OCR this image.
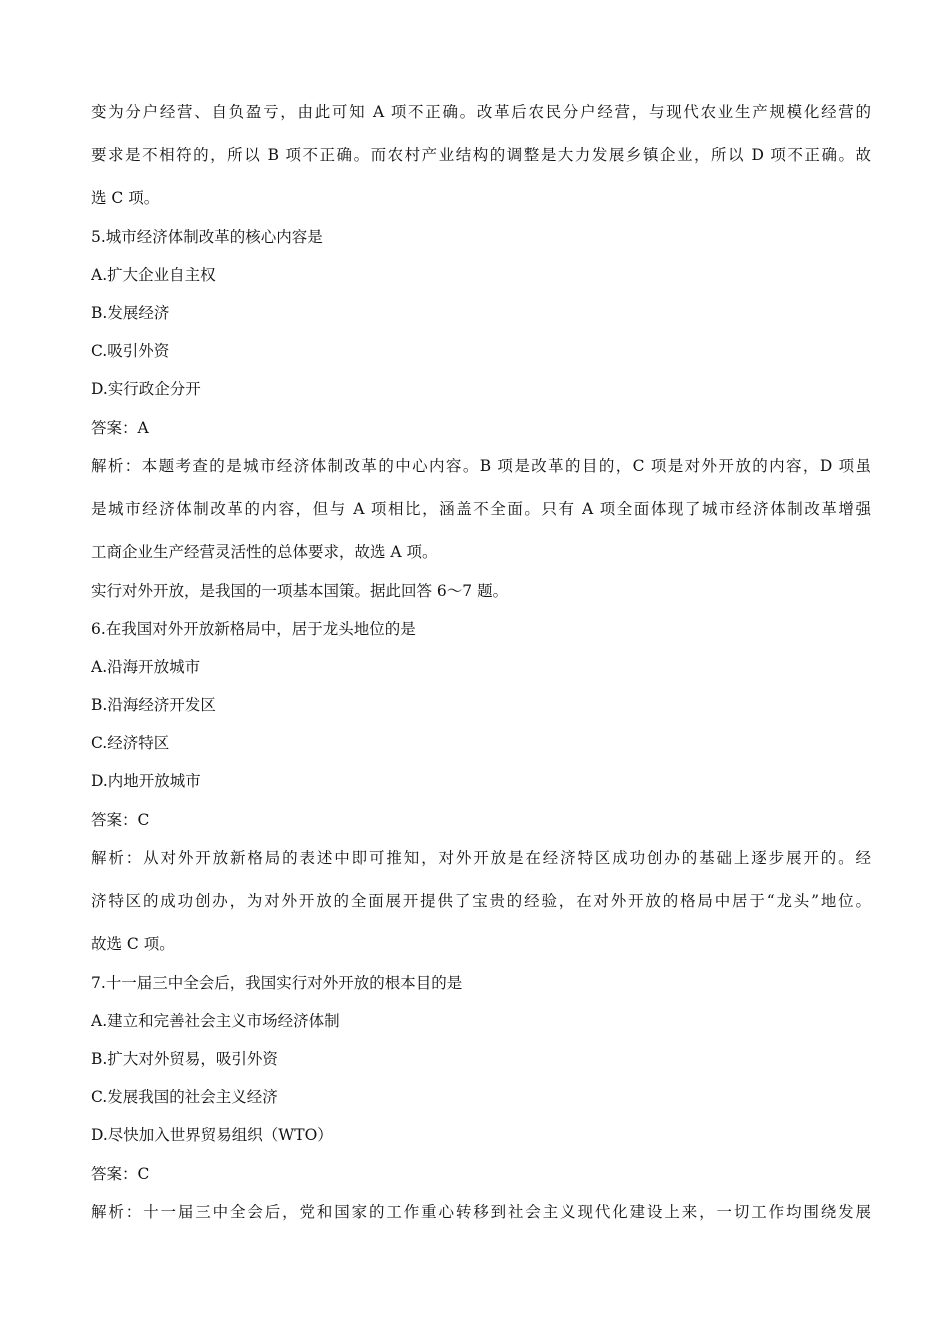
变为分户经营、自负盈亏，由此可知 A 项不正确。改革后农民分户经营，与现代农业生产规模化经营的
要求是不相符的，所以 B 项不正确。而农村产业结构的调整是大力发展乡镇企业，所以 D 项不正确。故
选 C 项。
5.城市经济体制改革的核心内容是
A.扩大企业自主权
B.发展经济
C.吸引外资
D.实行政企分开
答案：A
解析：本题考查的是城市经济体制改革的中心内容。B 项是改革的目的，C 项是对外开放的内容，D 项虽
是城市经济体制改革的内容，但与 A 项相比，涵盖不全面。只有 A 项全面体现了城市经济体制改革增强
工商企业生产经营灵活性的总体要求，故选 A 项。
实行对外开放，是我国的一项基本国策。据此回答 6～7 题。
6.在我国对外开放新格局中，居于龙头地位的是
A.沿海开放城市
B.沿海经济开发区
C.经济特区
D.内地开放城市
答案：C
解析：从对外开放新格局的表述中即可推知，对外开放是在经济特区成功创办的基础上逐步展开的。经
济特区的成功创办，为对外开放的全面展开提供了宝贵的经验，在对外开放的格局中居于“龙头”地位。
故选 C 项。
7.十一届三中全会后，我国实行对外开放的根本目的是
A.建立和完善社会主义市场经济体制
B.扩大对外贸易，吸引外资
C.发展我国的社会主义经济
D.尽快加入世界贸易组织（WTO）
答案：C
解析：十一届三中全会后，党和国家的工作重心转移到社会主义现代化建设上来，一切工作均围绕发展
